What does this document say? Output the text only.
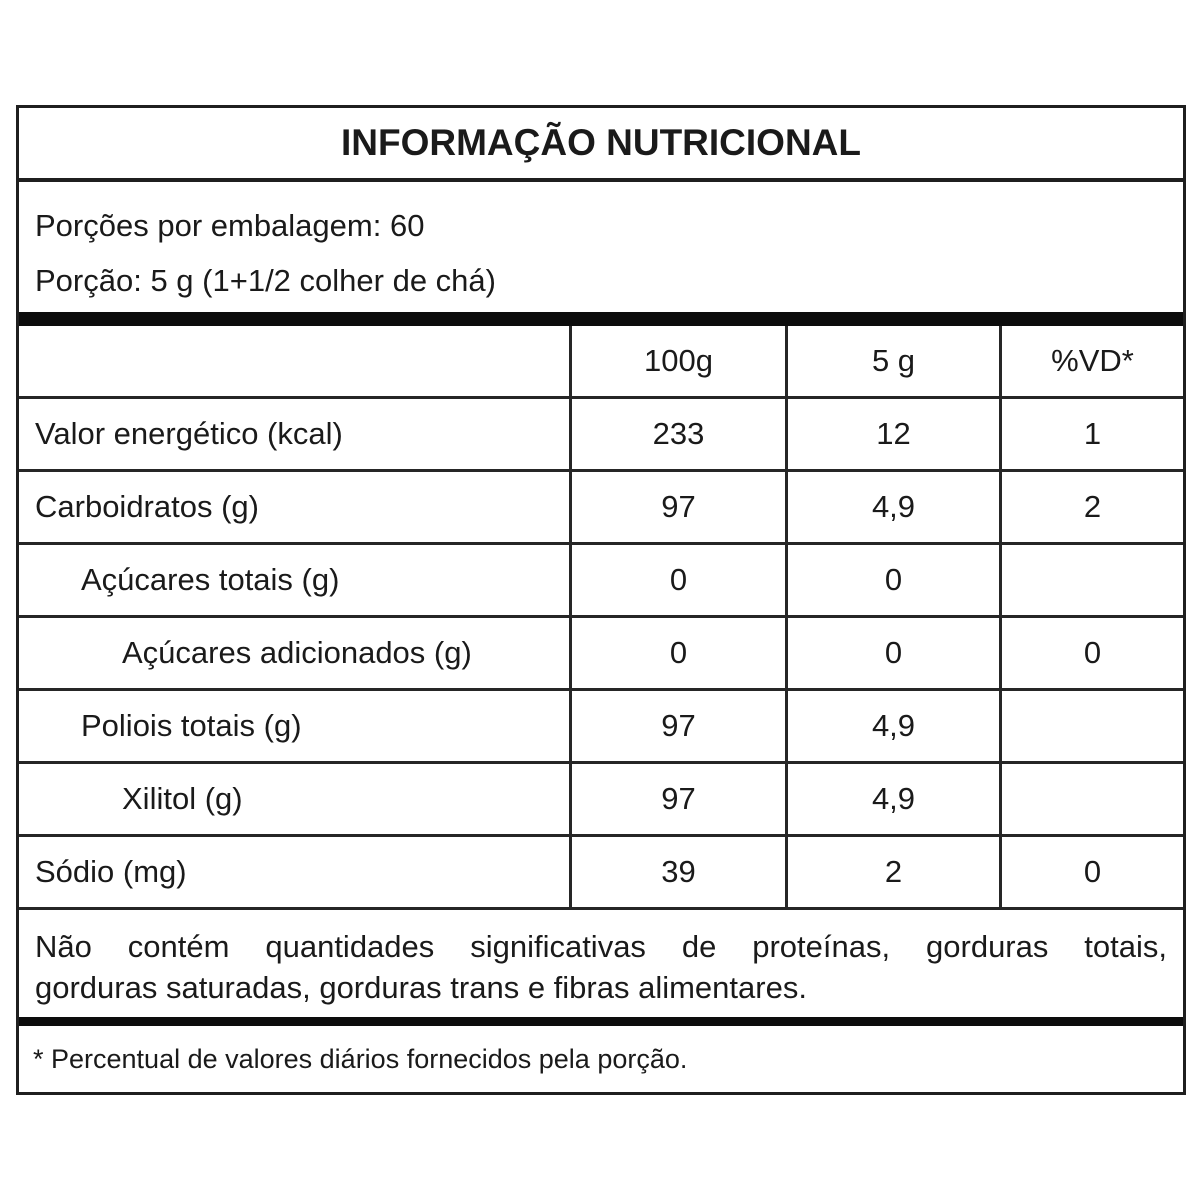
INFORMAÇÃO NUTRICIONAL
Porções por embalagem: 60
Porção: 5 g (1+1/2 colher de chá)
100g	5 g	%VD*
Valor energético (kcal)	233	12	1
Carboidratos (g)	97	4,9	2
Açúcares totais (g)	0	0
Açúcares adicionados (g)	0	0	0
Poliois totais (g)	97	4,9
Xilitol (g)	97	4,9
Sódio (mg)	39	2	0
Não contém quantidades significativas de proteínas, gorduras totais,
gorduras saturadas, gorduras trans e fibras alimentares.
* Percentual de valores diários fornecidos pela porção.
